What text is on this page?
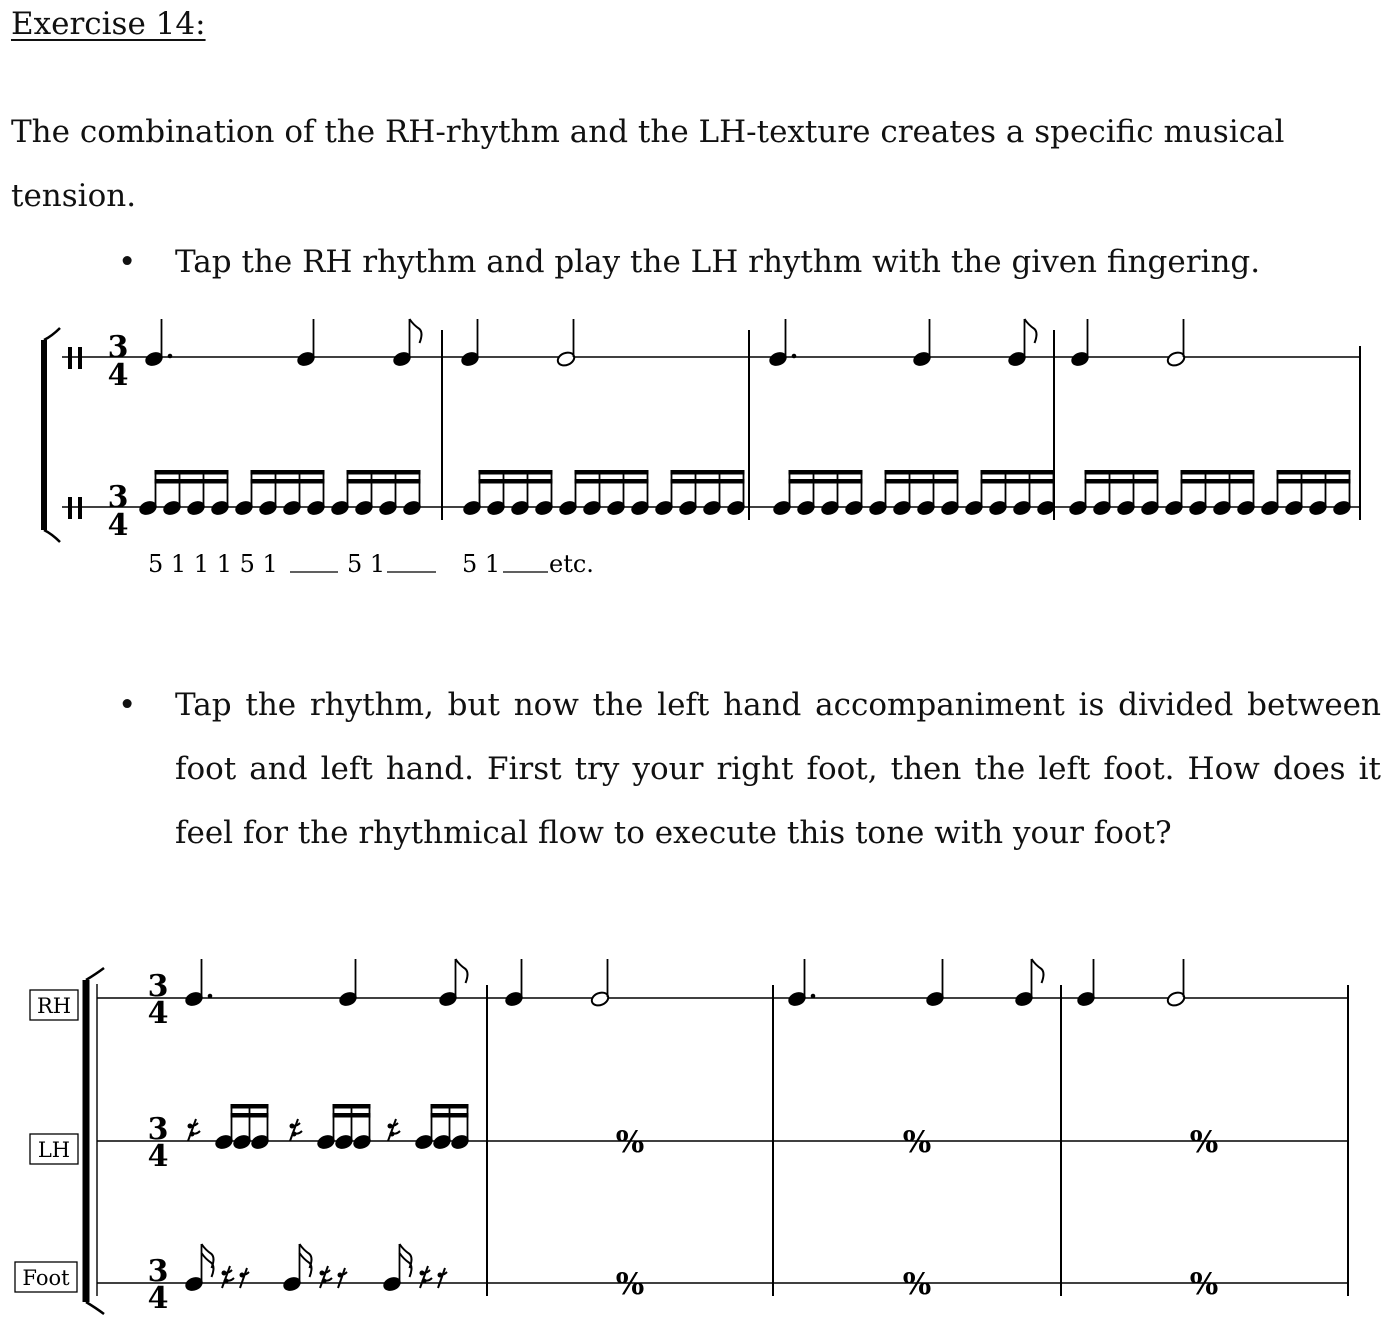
Exercise 14:
The combination of the RH-rhythm and the LH-texture creates a specific musical tension.
•	Tap the RH rhythm and play the LH rhythm with the given fingering.
•	Tap the rhythm, but now the left hand accompaniment is divided between foot and left hand. First try your right foot, then the left foot. How does it feel for the rhythmical flow to execute this tone with your foot?
3
4
3
4
5 1 1 1 5 1	5 1	5 1 etc.
RH
LH
Foot
3
4
3
4
3
4
%	%	%
%	%	%
